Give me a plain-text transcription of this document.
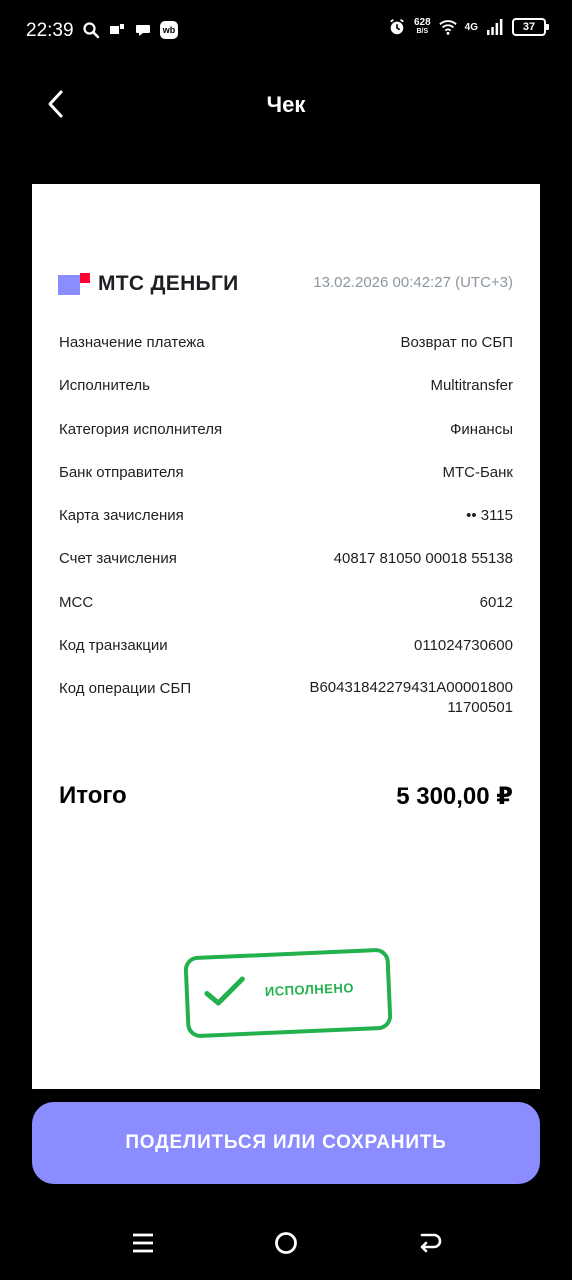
22:39	wb
628
B/S	4G	37
Чек
МТС ДЕНЬГИ	13.02.2026 00:42:27 (UTC+3)
Назначение платежа	Возврат по СБП
Исполнитель	Multitransfer
Категория исполнителя	Финансы
Банк отправителя	МТС-Банк
Карта зачисления	•• 3115
Счет зачисления	40817 81050 00018 55138
MCC	6012
Код транзакции	011024730600
Код операции СБП	B60431842279431A00001800 11700501
Итого	5 300,00 ₽
ИСПОЛНЕНО
ПОДЕЛИТЬСЯ ИЛИ СОХРАНИТЬ
